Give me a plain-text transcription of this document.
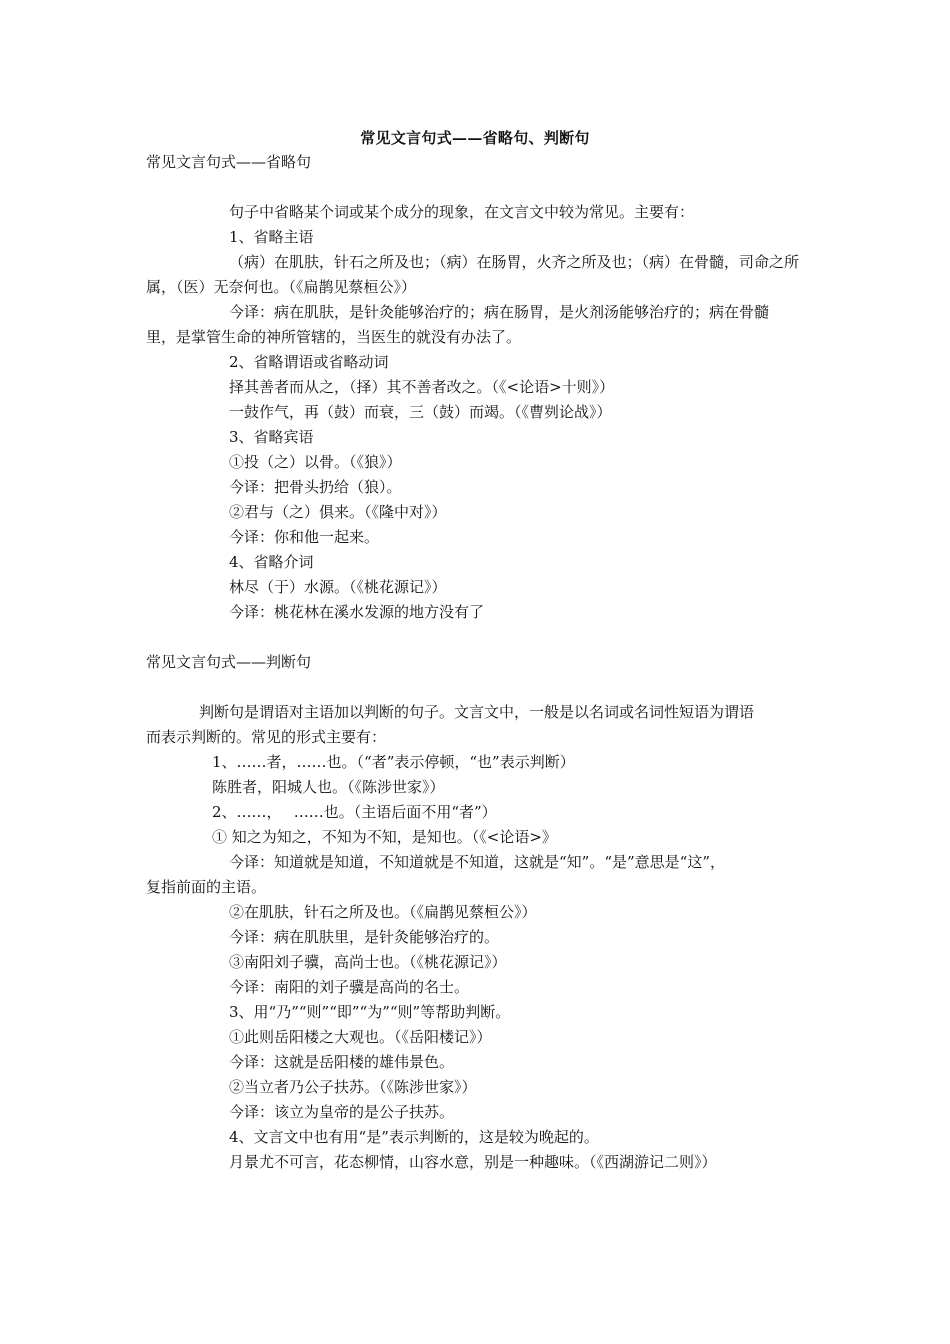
常见文言句式——省略句、判断句
常见文言句式——省略句
句子中省略某个词或某个成分的现象，在文言文中较为常见。主要有：
1、省略主语
（病）在肌肤，针石之所及也；（病）在肠胃，火齐之所及也；（病）在骨髓，司命之所
属，（医）无奈何也。（《扁鹊见蔡桓公》）
今译：病在肌肤，是针灸能够治疗的；病在肠胃，是火剂汤能够治疗的；病在骨髓
里，是掌管生命的神所管辖的，当医生的就没有办法了。
2、省略谓语或省略动词
择其善者而从之，（择）其不善者改之。（《<论语>十则》）
一鼓作气，再（鼓）而衰，三（鼓）而竭。（《曹刿论战》）
3、省略宾语
①投（之）以骨。（《狼》）
今译：把骨头扔给（狼）。
②君与（之）俱来。（《隆中对》）
今译：你和他一起来。
4、省略介词
林尽（于）水源。（《桃花源记》）
今译：桃花林在溪水发源的地方没有了
常见文言句式——判断句
判断句是谓语对主语加以判断的句子。文言文中，一般是以名词或名词性短语为谓语
而表示判断的。常见的形式主要有：
1、……者，……也。（“者”表示停顿，“也”表示判断）
陈胜者，阳城人也。（《陈涉世家》）
2、……，　 ……也。（主语后面不用“者”）
① 知之为知之，不知为不知，是知也。（《<论语>》
今译：知道就是知道，不知道就是不知道，这就是“知”。“是”意思是“这”，
复指前面的主语。
②在肌肤，针石之所及也。（《扁鹊见蔡桓公》）
今译：病在肌肤里，是针灸能够治疗的。
③南阳刘子骥，高尚士也。（《桃花源记》）
今译：南阳的刘子骥是高尚的名士。
3、用“乃”“则”“即”“为”“则”等帮助判断。
①此则岳阳楼之大观也。（《岳阳楼记》）
今译：这就是岳阳楼的雄伟景色。
②当立者乃公子扶苏。（《陈涉世家》）
今译：该立为皇帝的是公子扶苏。
4、文言文中也有用“是”表示判断的，这是较为晚起的。
月景尤不可言，花态柳情，山容水意，别是一种趣味。（《西湖游记二则》）
